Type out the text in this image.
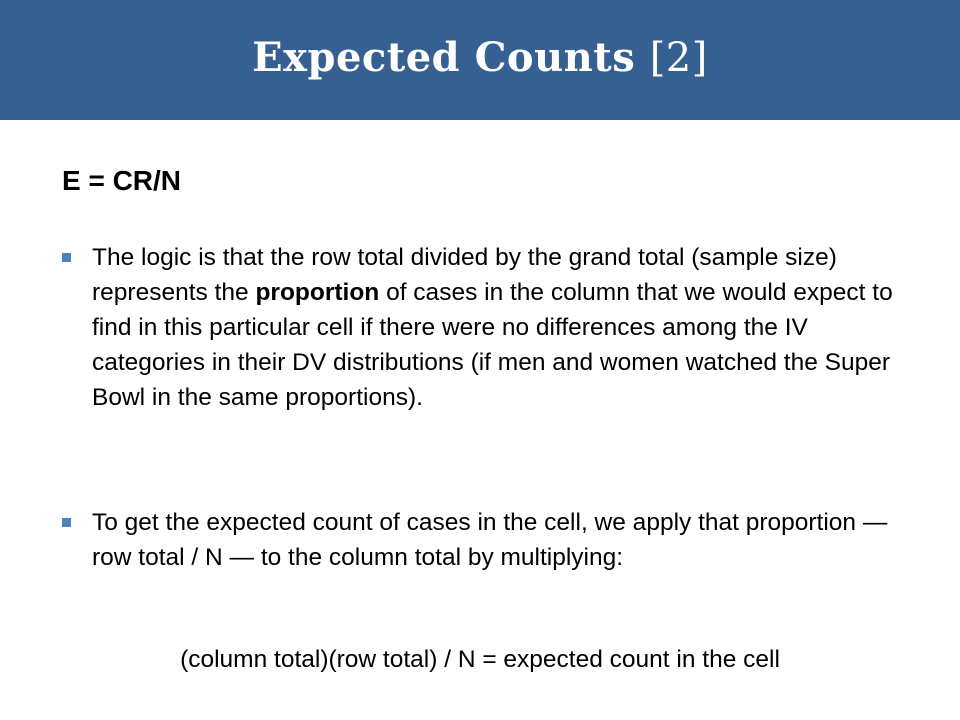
Expected Counts [2]
E = CR/N
The logic is that the row total divided by the grand total (sample size) represents the proportion of cases in the column that we would expect to find in this particular cell if there were no differences among the IV categories in their DV distributions (if men and women watched the Super Bowl in the same proportions).
To get the expected count of cases in the cell, we apply that proportion — row total / N — to the column total by multiplying:
(column total)(row total) / N = expected count in the cell
